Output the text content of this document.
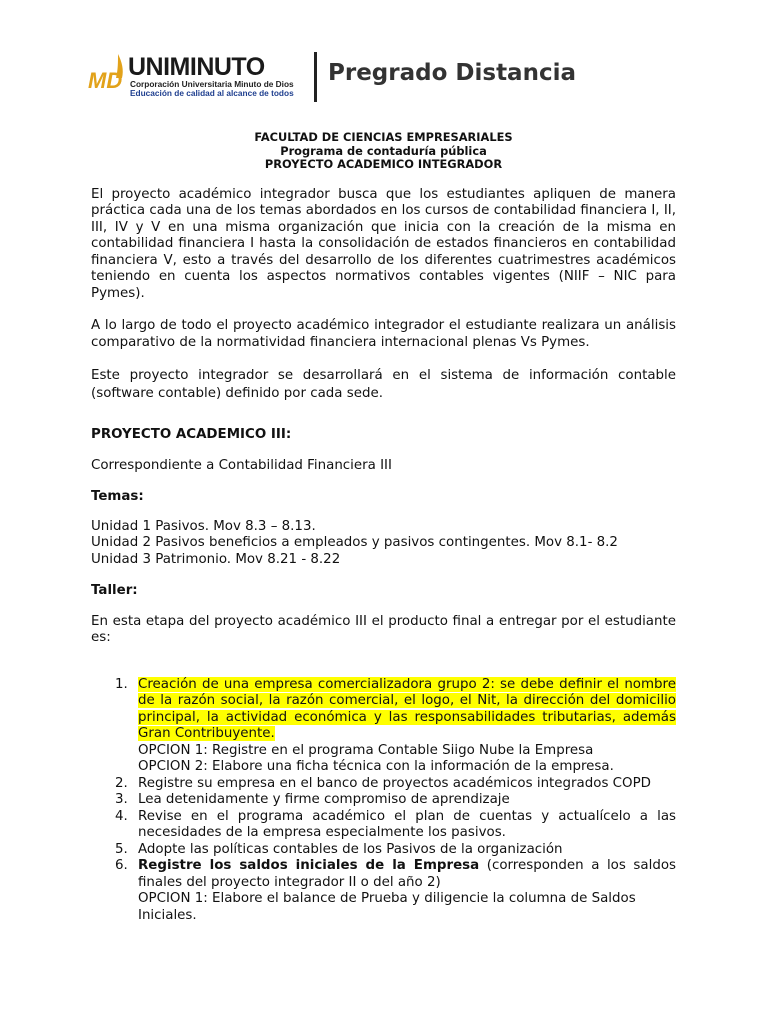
MD UNIMINUTO
Corporación Universitaria Minuto de Dios
Educación de calidad al alcance de todos
Pregrado Distancia
FACULTAD DE CIENCIAS EMPRESARIALES
Programa de contaduría pública
PROYECTO ACADEMICO INTEGRADOR

El proyecto académico integrador busca que los estudiantes apliquen de manera práctica cada una de los temas abordados en los cursos de contabilidad financiera I, II, III, IV y V en una misma organización que inicia con la creación de la misma en contabilidad financiera I hasta la consolidación de estados financieros en contabilidad financiera V, esto a través del desarrollo de los diferentes cuatrimestres académicos teniendo en cuenta los aspectos normativos contables vigentes (NIIF – NIC para Pymes).

A lo largo de todo el proyecto académico integrador el estudiante realizara un análisis comparativo de la normatividad financiera internacional plenas Vs Pymes.

Este proyecto integrador se desarrollará en el sistema de información contable (software contable) definido por cada sede.

PROYECTO ACADEMICO III:

Correspondiente a Contabilidad Financiera III

Temas:

Unidad 1 Pasivos. Mov 8.3 – 8.13.
Unidad 2 Pasivos beneficios a empleados y pasivos contingentes. Mov 8.1- 8.2
Unidad 3 Patrimonio. Mov 8.21 - 8.22

Taller:

En esta etapa del proyecto académico III el producto final a entregar por el estudiante es:

1. Creación de una empresa comercializadora grupo 2: se debe definir el nombre de la razón social, la razón comercial, el logo, el Nit, la dirección del domicilio principal, la actividad económica y las responsabilidades tributarias, además Gran Contribuyente.
OPCION 1: Registre en el programa Contable Siigo Nube la Empresa
OPCION 2: Elabore una ficha técnica con la información de la empresa.
2. Registre su empresa en el banco de proyectos académicos integrados COPD
3. Lea detenidamente y firme compromiso de aprendizaje
4. Revise en el programa académico el plan de cuentas y actualícelo a las necesidades de la empresa especialmente los pasivos.
5. Adopte las políticas contables de los Pasivos de la organización
6. Registre los saldos iniciales de la Empresa (corresponden a los saldos finales del proyecto integrador II o del año 2)
OPCION 1: Elabore el balance de Prueba y diligencie la columna de Saldos Iniciales.
